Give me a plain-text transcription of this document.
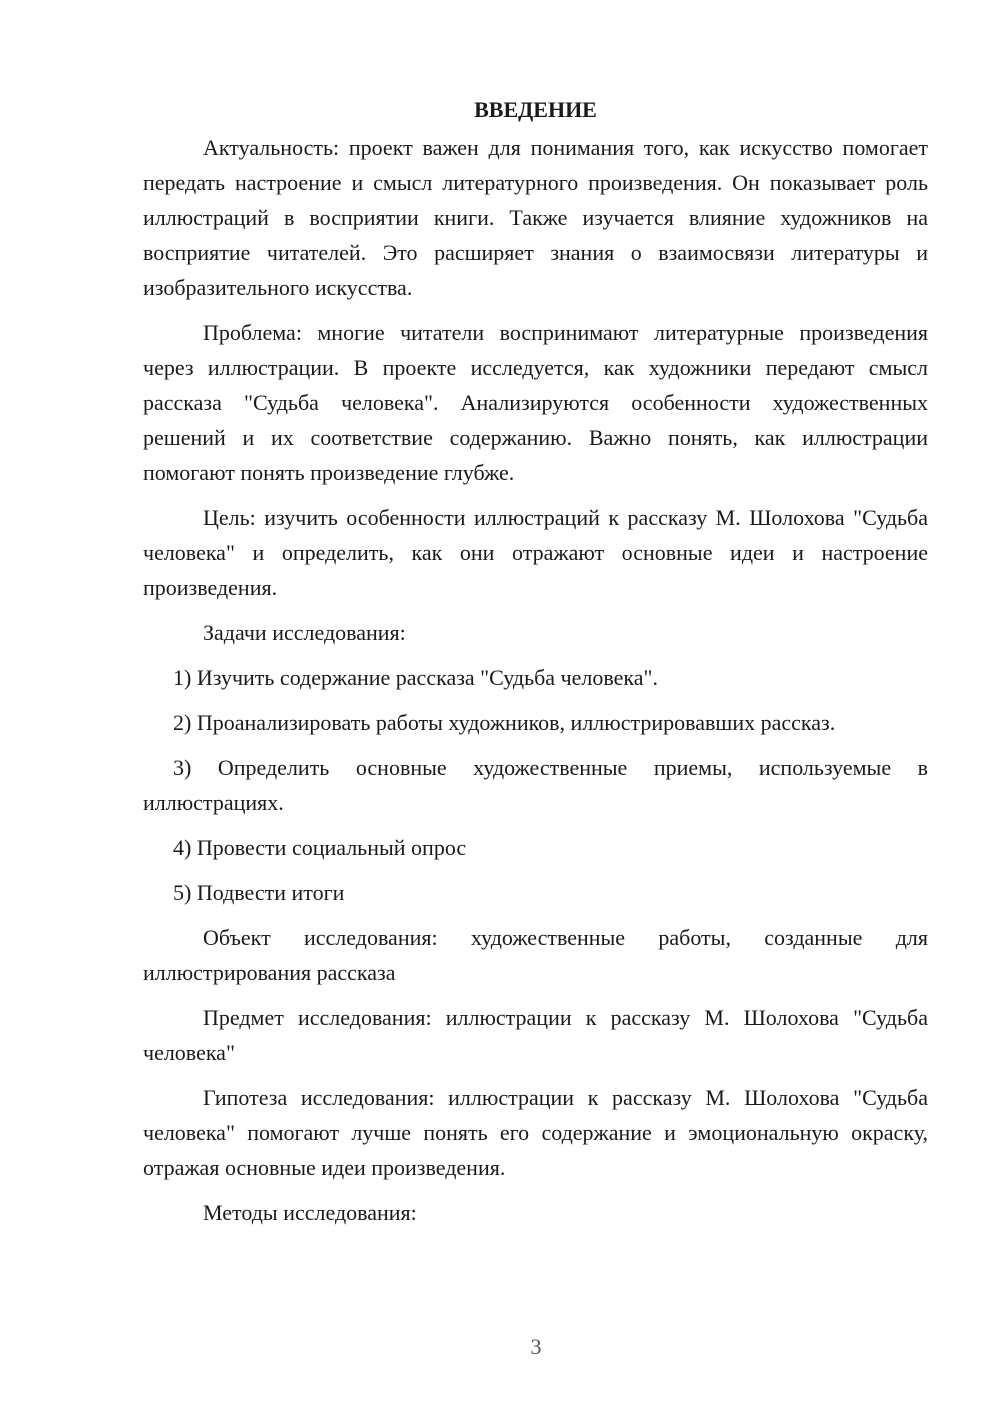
ВВЕДЕНИЕ

Актуальность: проект важен для понимания того, как искусство помогает передать настроение и смысл литературного произведения. Он показывает роль иллюстраций в восприятии книги. Также изучается влияние художников на восприятие читателей. Это расширяет знания о взаимосвязи литературы и изобразительного искусства.

Проблема: многие читатели воспринимают литературные произведения через иллюстрации. В проекте исследуется, как художники передают смысл рассказа "Судьба человека". Анализируются особенности художественных решений и их соответствие содержанию. Важно понять, как иллюстрации помогают понять произведение глубже.

Цель: изучить особенности иллюстраций к рассказу М. Шолохова "Судьба человека" и определить, как они отражают основные идеи и настроение произведения.

Задачи исследования:

1) Изучить содержание рассказа "Судьба человека".

2) Проанализировать работы художников, иллюстрировавших рассказ.

3) Определить основные художественные приемы, используемые в иллюстрациях.

4) Провести социальный опрос

5) Подвести итоги

Объект исследования: художественные работы, созданные для иллюстрирования рассказа

Предмет исследования: иллюстрации к рассказу М. Шолохова "Судьба человека"

Гипотеза исследования: иллюстрации к рассказу М. Шолохова "Судьба человека" помогают лучше понять его содержание и эмоциональную окраску, отражая основные идеи произведения.

Методы исследования:

3
